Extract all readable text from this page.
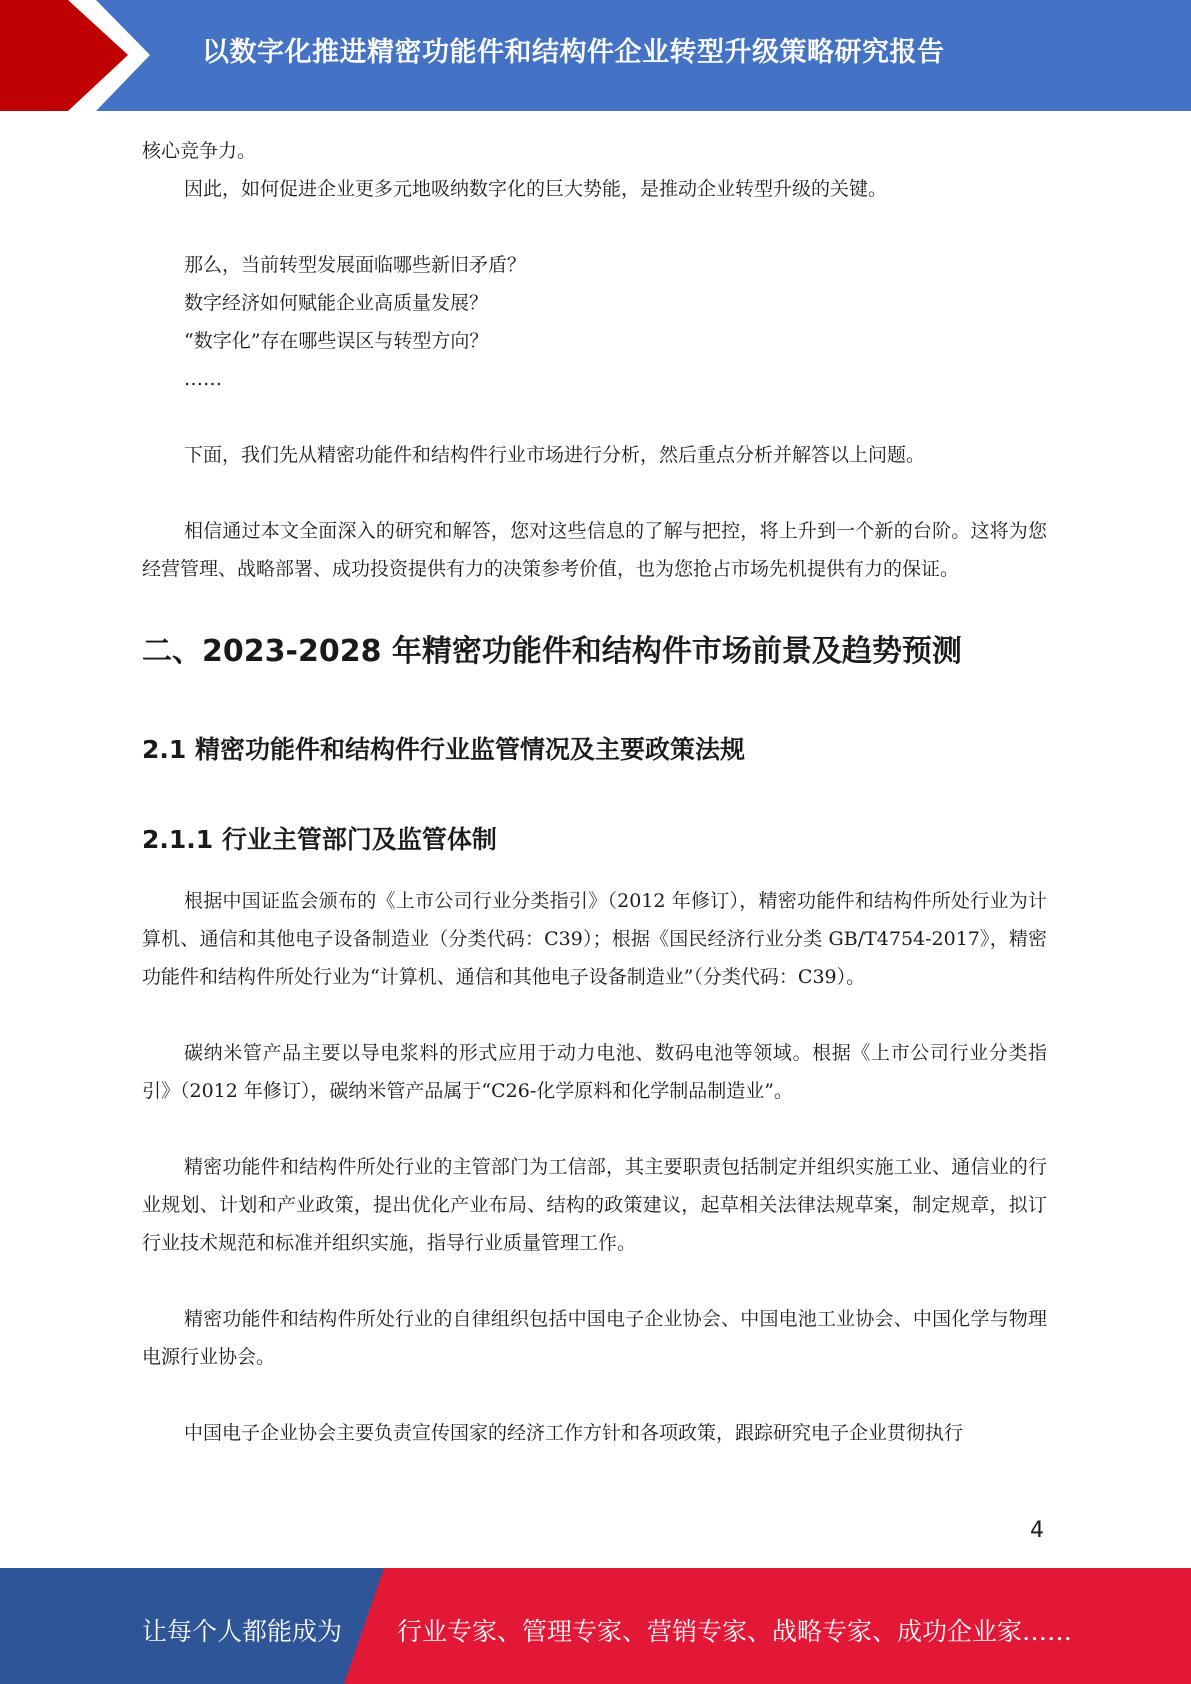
以数字化推进精密功能件和结构件企业转型升级策略研究报告

核心竞争力。

因此，如何促进企业更多元地吸纳数字化的巨大势能，是推动企业转型升级的关键。

那么，当前转型发展面临哪些新旧矛盾？

数字经济如何赋能企业高质量发展？

“数字化”存在哪些误区与转型方向？

……

下面，我们先从精密功能件和结构件行业市场进行分析，然后重点分析并解答以上问题。

相信通过本文全面深入的研究和解答，您对这些信息的了解与把控，将上升到一个新的台阶。这将为您经营管理、战略部署、成功投资提供有力的决策参考价值，也为您抢占市场先机提供有力的保证。

二、2023-2028 年精密功能件和结构件市场前景及趋势预测
2.1 精密功能件和结构件行业监管情况及主要政策法规
2.1.1 行业主管部门及监管体制

根据中国证监会颁布的《上市公司行业分类指引》（2012 年修订），精密功能件和结构件所处行业为计算机、通信和其他电子设备制造业（分类代码：C39）；根据《国民经济行业分类 GB/T4754-2017》，精密功能件和结构件所处行业为“计算机、通信和其他电子设备制造业”（分类代码：C39）。

碳纳米管产品主要以导电浆料的形式应用于动力电池、数码电池等领域。根据《上市公司行业分类指引》（2012 年修订），碳纳米管产品属于“C26-化学原料和化学制品制造业”。

精密功能件和结构件所处行业的主管部门为工信部，其主要职责包括制定并组织实施工业、通信业的行业规划、计划和产业政策，提出优化产业布局、结构的政策建议，起草相关法律法规草案，制定规章，拟订行业技术规范和标准并组织实施，指导行业质量管理工作。

精密功能件和结构件所处行业的自律组织包括中国电子企业协会、中国电池工业协会、中国化学与物理电源行业协会。

中国电子企业协会主要负责宣传国家的经济工作方针和各项政策，跟踪研究电子企业贯彻执行

4
让每个人都能成为 行业专家、管理专家、营销专家、战略专家、成功企业家……
